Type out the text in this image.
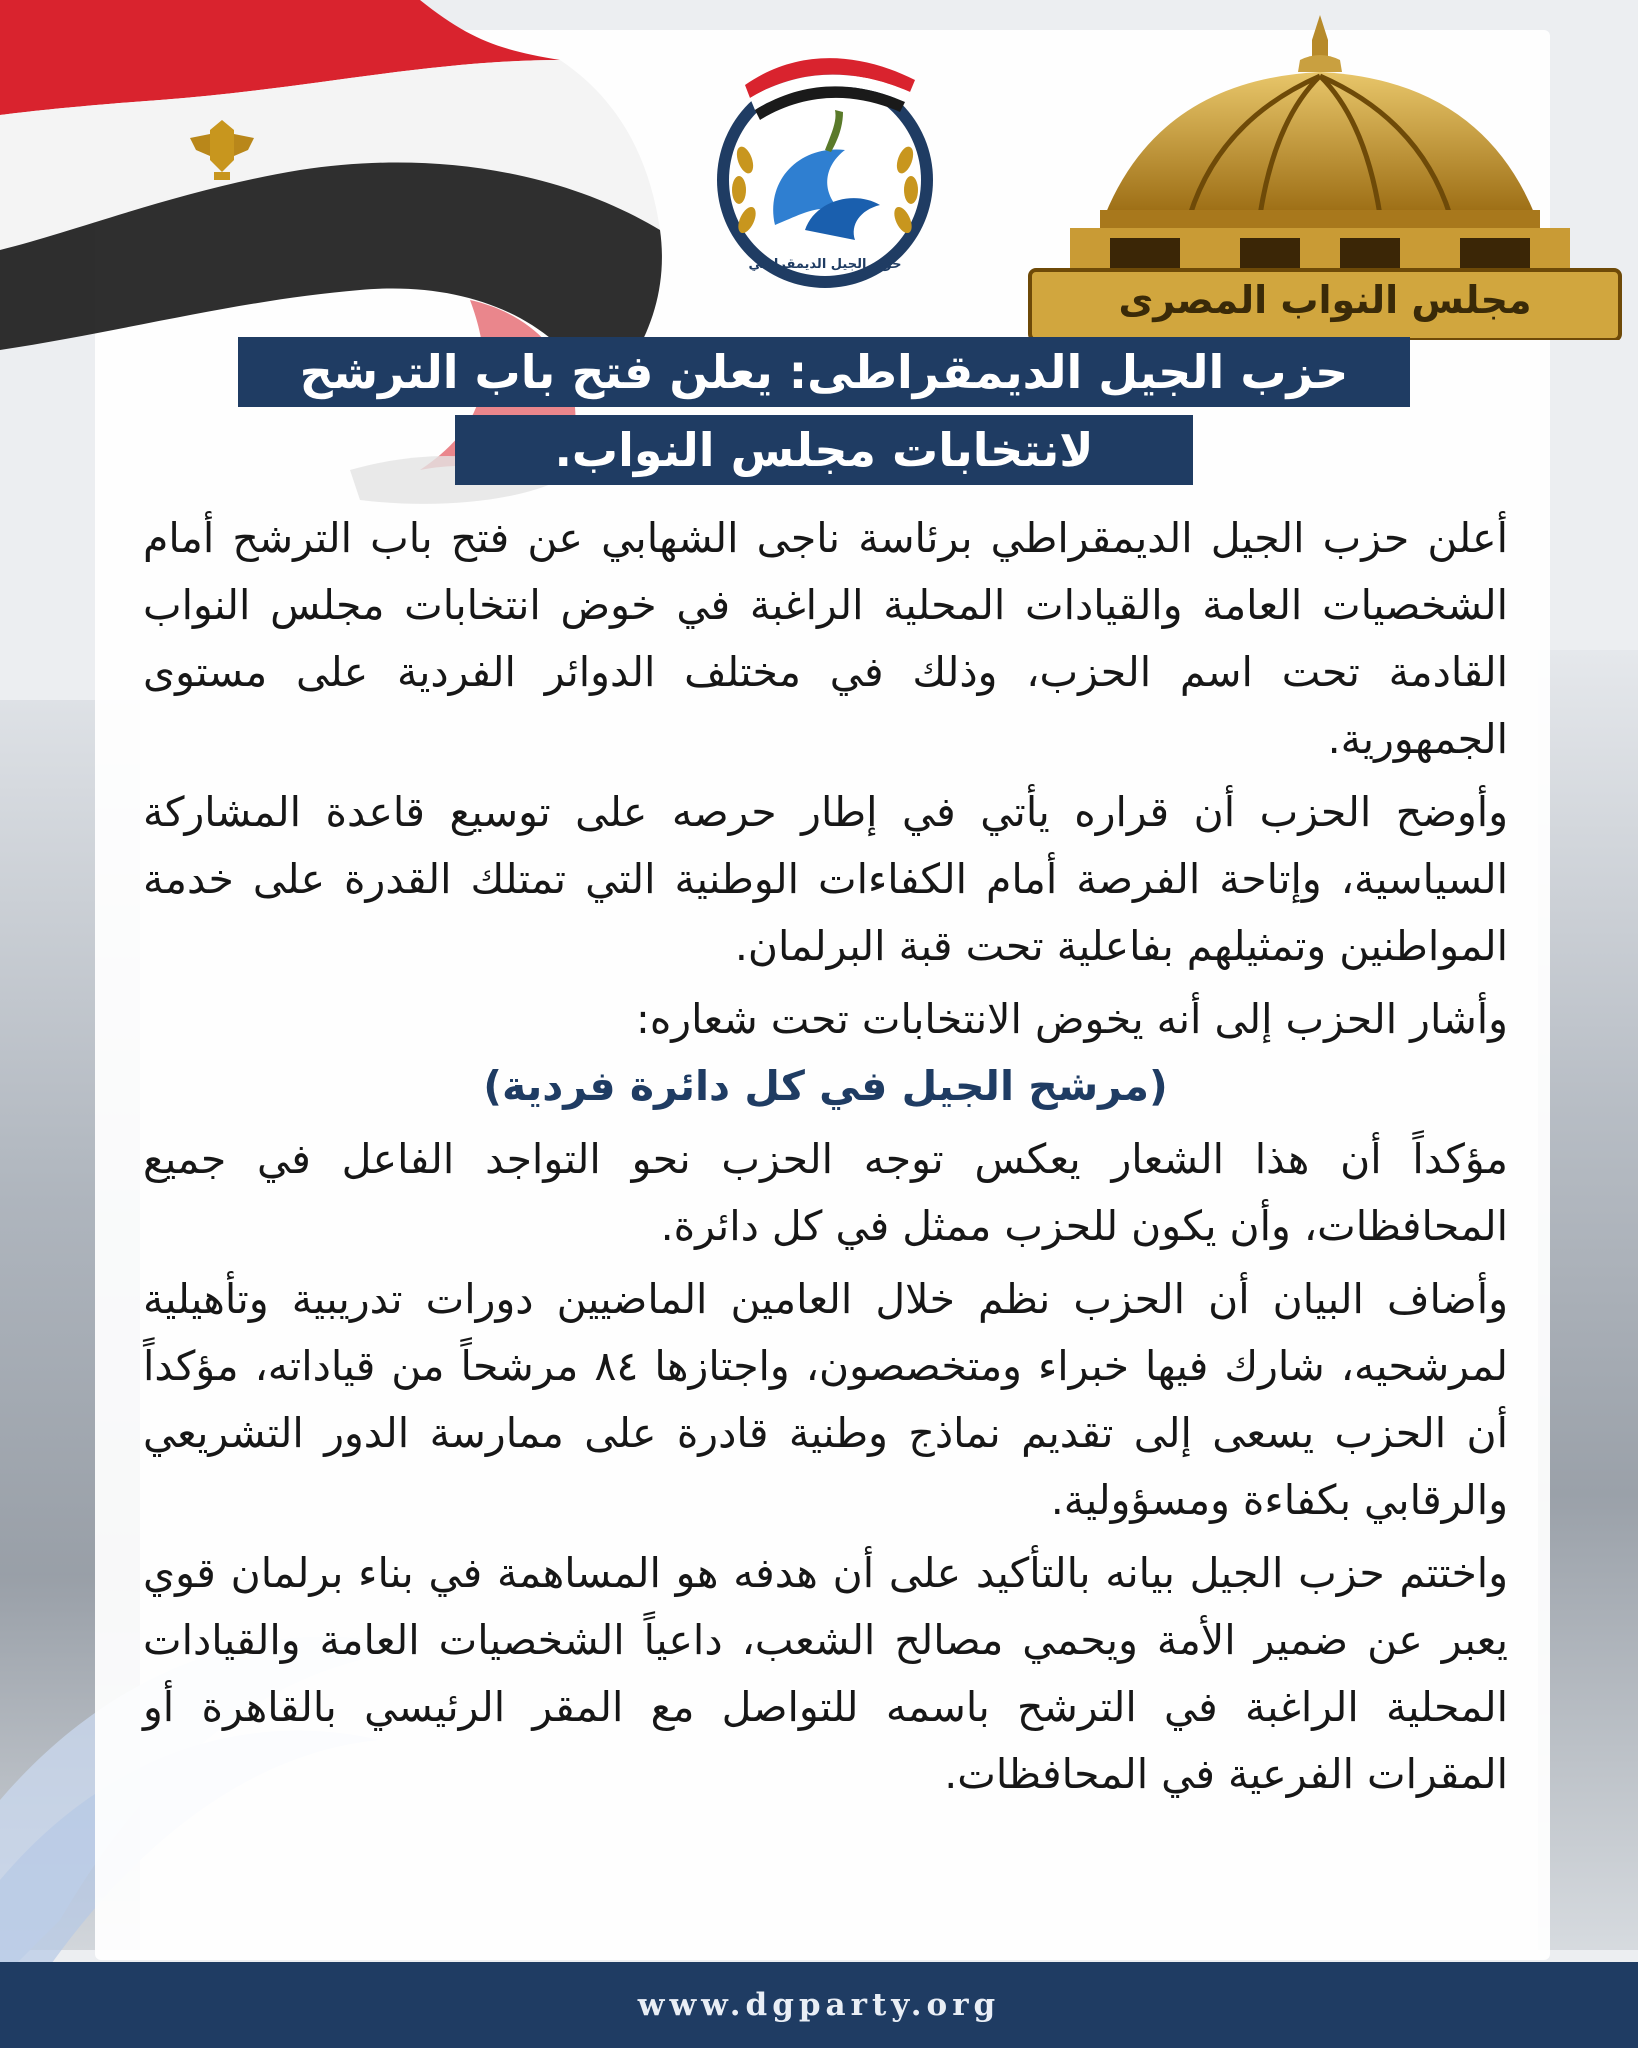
حزب الجيل الديمقراطي
مجلس النواب المصرى
حزب الجيل الديمقراطى: يعلن فتح باب الترشح
لانتخابات مجلس النواب.

أعلن حزب الجيل الديمقراطي برئاسة ناجى الشهابي عن فتح باب الترشح أمام الشخصيات العامة والقيادات المحلية الراغبة في خوض انتخابات مجلس النواب القادمة تحت اسم الحزب، وذلك في مختلف الدوائر الفردية على مستوى الجمهورية.

وأوضح الحزب أن قراره يأتي في إطار حرصه على توسيع قاعدة المشاركة السياسية، وإتاحة الفرصة أمام الكفاءات الوطنية التي تمتلك القدرة على خدمة المواطنين وتمثيلهم بفاعلية تحت قبة البرلمان.

وأشار الحزب إلى أنه يخوض الانتخابات تحت شعاره:

(مرشح الجيل في كل دائرة فردية)

مؤكداً أن هذا الشعار يعكس توجه الحزب نحو التواجد الفاعل في جميع المحافظات، وأن يكون للحزب ممثل في كل دائرة.

وأضاف البيان أن الحزب نظم خلال العامين الماضيين دورات تدريبية وتأهيلية لمرشحيه، شارك فيها خبراء ومتخصصون، واجتازها ٨٤ مرشحاً من قياداته، مؤكداً أن الحزب يسعى إلى تقديم نماذج وطنية قادرة على ممارسة الدور التشريعي والرقابي بكفاءة ومسؤولية.

واختتم حزب الجيل بيانه بالتأكيد على أن هدفه هو المساهمة في بناء برلمان قوي يعبر عن ضمير الأمة ويحمي مصالح الشعب، داعياً الشخصيات العامة والقيادات المحلية الراغبة في الترشح باسمه للتواصل مع المقر الرئيسي بالقاهرة أو المقرات الفرعية في المحافظات.

www.dgparty.org
